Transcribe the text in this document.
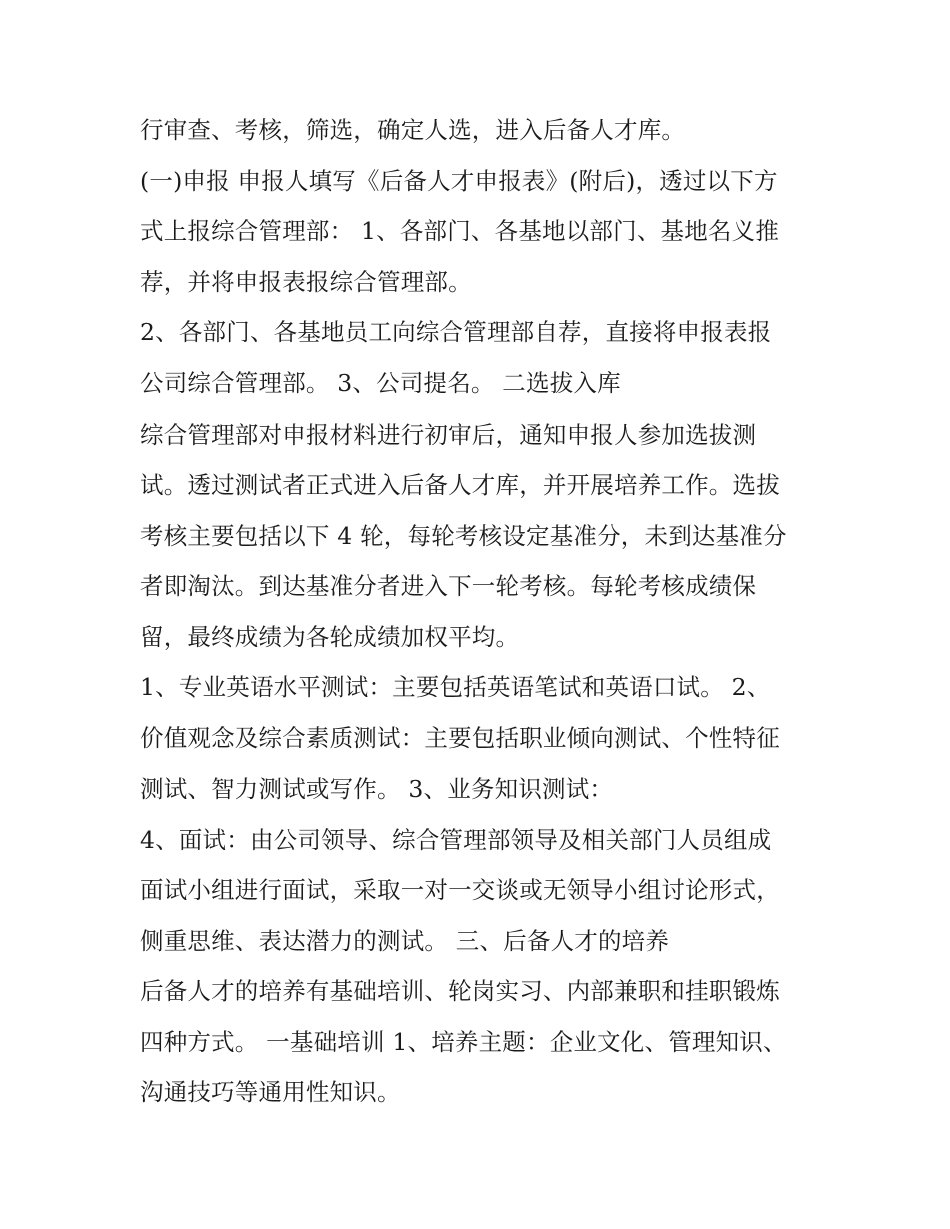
行审查、考核，筛选，确定人选，进入后备人才库。
(一)申报 申报人填写《后备人才申报表》(附后)，透过以下方
式上报综合管理部： 1、各部门、各基地以部门、基地名义推
荐，并将申报表报综合管理部。
2、各部门、各基地员工向综合管理部自荐，直接将申报表报
公司综合管理部。 3、公司提名。 二选拔入库
综合管理部对申报材料进行初审后，通知申报人参加选拔测
试。透过测试者正式进入后备人才库，并开展培养工作。选拔
考核主要包括以下 4 轮，每轮考核设定基准分，未到达基准分
者即淘汰。到达基准分者进入下一轮考核。每轮考核成绩保
留，最终成绩为各轮成绩加权平均。
1、专业英语水平测试：主要包括英语笔试和英语口试。 2、
价值观念及综合素质测试：主要包括职业倾向测试、个性特征
测试、智力测试或写作。 3、业务知识测试：
4、面试：由公司领导、综合管理部领导及相关部门人员组成
面试小组进行面试，采取一对一交谈或无领导小组讨论形式，
侧重思维、表达潜力的测试。 三、后备人才的培养
后备人才的培养有基础培训、轮岗实习、内部兼职和挂职锻炼
四种方式。 一基础培训 1、培养主题：企业文化、管理知识、
沟通技巧等通用性知识。
